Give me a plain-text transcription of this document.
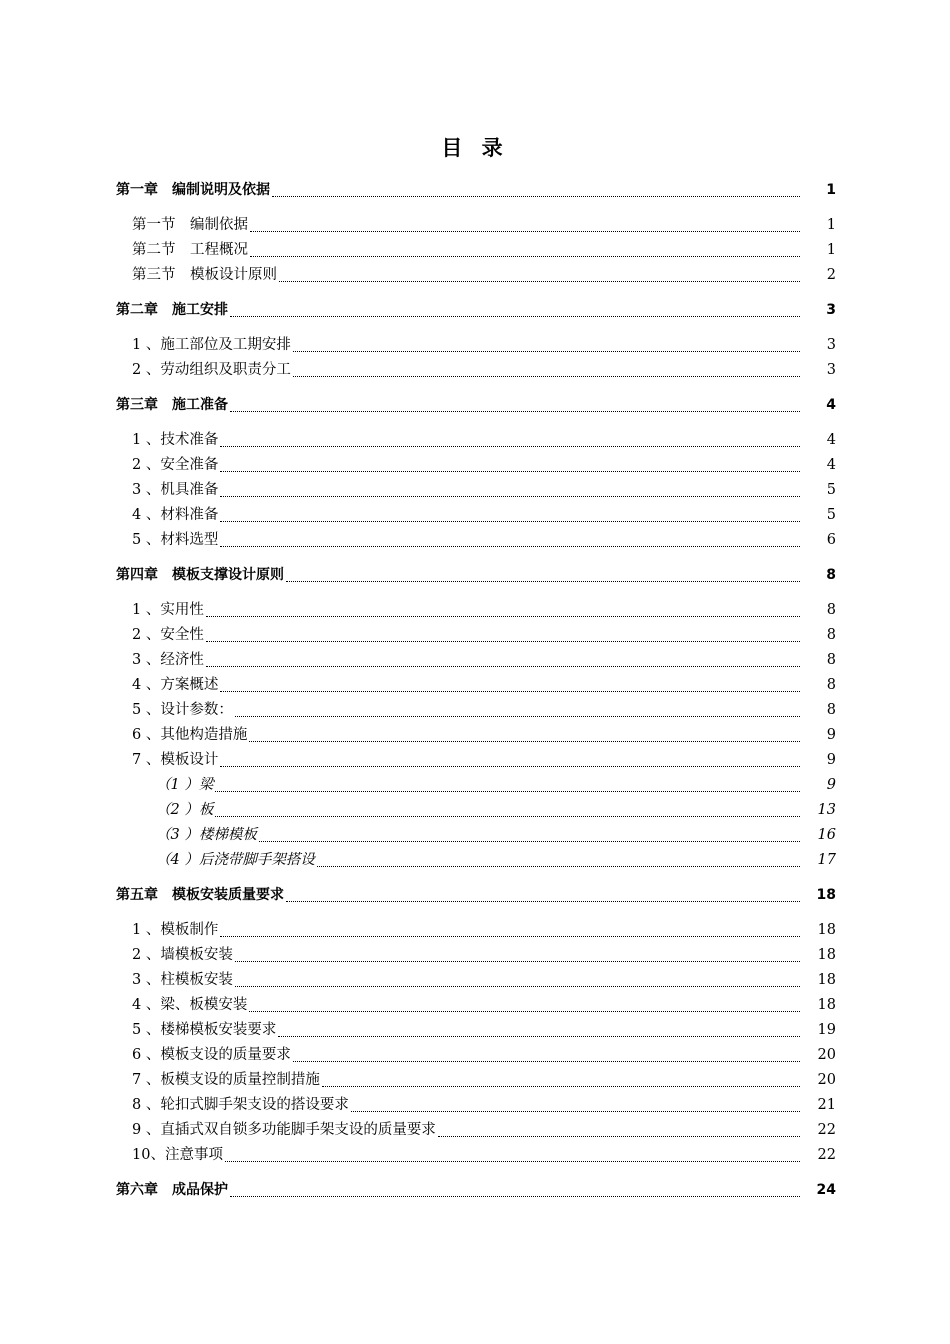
目 录
第一章　编制说明及依据	1
第一节　编制依据	1
第二节　工程概况	1
第三节　模板设计原则	2
第二章　施工安排	3
1 、施工部位及工期安排	3
2 、劳动组织及职责分工	3
第三章　施工准备	4
1 、技术准备	4
2 、安全准备	4
3 、机具准备	5
4 、材料准备	5
5 、材料选型	6
第四章　模板支撑设计原则	8
1 、实用性	8
2 、安全性	8
3 、经济性	8
4 、方案概述	8
5 、设计参数：	8
6 、其他构造措施	9
7 、模板设计	9
（1 ）梁	9
（2 ）板	13
（3 ）楼梯模板	16
（4 ）后浇带脚手架搭设	17
第五章　模板安装质量要求	18
1 、模板制作	18
2 、墙模板安装	18
3 、柱模板安装	18
4 、梁、板模安装	18
5 、楼梯模板安装要求	19
6 、模板支设的质量要求	20
7 、板模支设的质量控制措施	20
8 、轮扣式脚手架支设的搭设要求	21
9 、直插式双自锁多功能脚手架支设的质量要求	22
10、注意事项	22
第六章　成品保护	24
